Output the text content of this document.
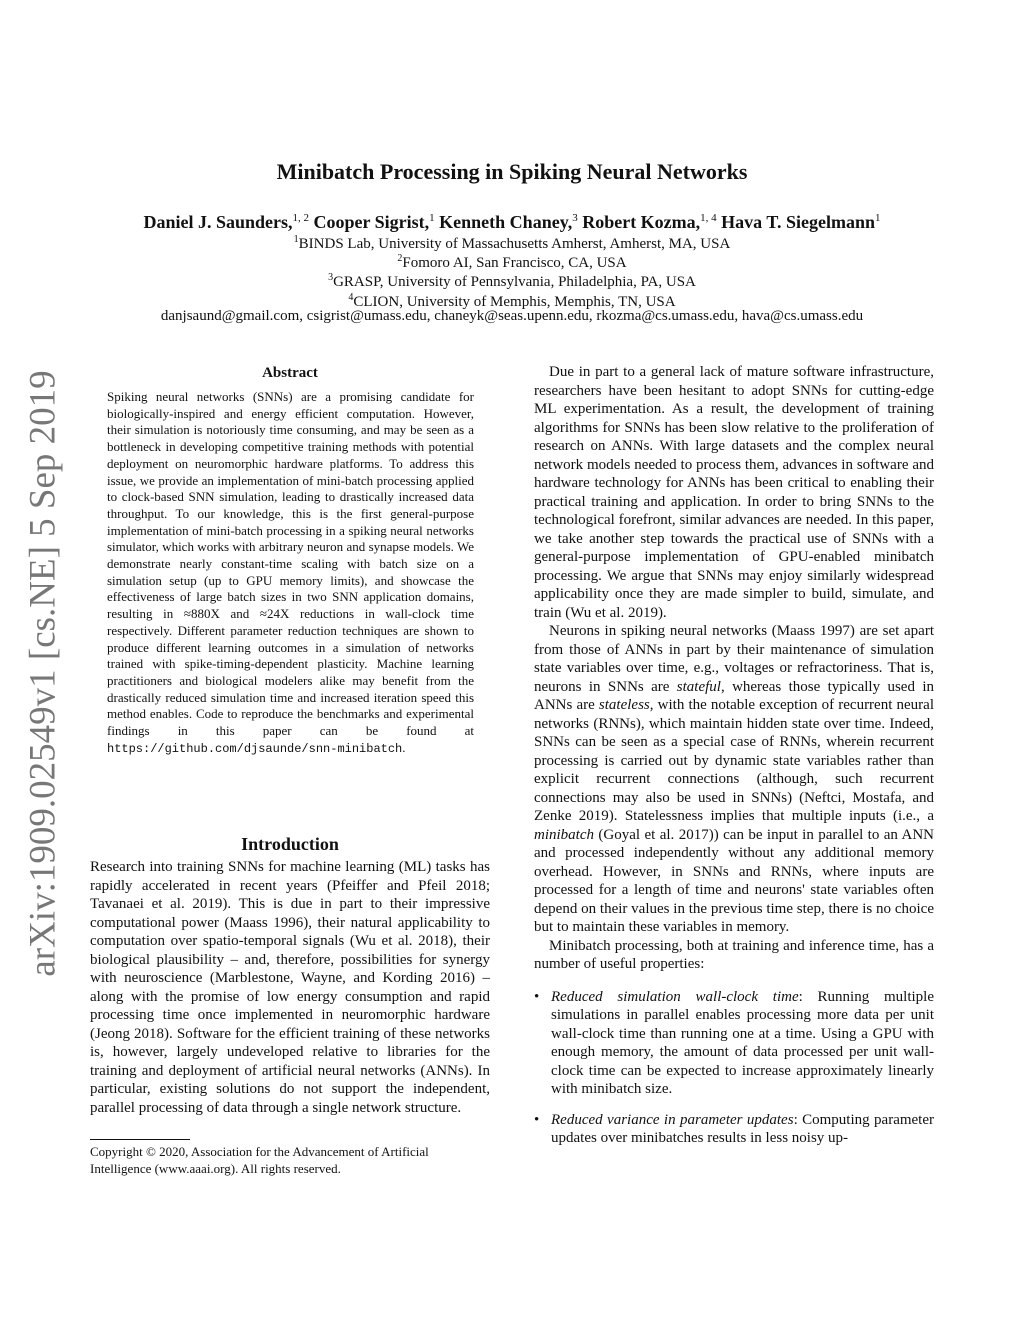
arXiv:1909.02549v1 [cs.NE] 5 Sep 2019
Minibatch Processing in Spiking Neural Networks
Daniel J. Saunders,$^{1, 2}$ Cooper Sigrist,$^1$ Kenneth Chaney,$^3$ Robert Kozma,$^{1, 4}$ Hava T. Siegelmann$^1$
$^1$BINDS Lab, University of Massachusetts Amherst, Amherst, MA, USA
$^2$Fomoro AI, San Francisco, CA, USA
$^3$GRASP, University of Pennsylvania, Philadelphia, PA, USA
$^4$CLION, University of Memphis, Memphis, TN, USA
danjsaund@gmail.com, csigrist@umass.edu, chaneyk@seas.upenn.edu, rkozma@cs.umass.edu, hava@cs.umass.edu
Abstract
Spiking neural networks (SNNs) are a promising candidate for biologically-inspired and energy efficient computation. However, their simulation is notoriously time consuming, and may be seen as a bottleneck in developing competitive training methods with potential deployment on neuromorphic hardware platforms. To address this issue, we provide an implementation of mini-batch processing applied to clock-based SNN simulation, leading to drastically increased data throughput. To our knowledge, this is the first general-purpose implementation of mini-batch processing in a spiking neural networks simulator, which works with arbitrary neuron and synapse models. We demonstrate nearly constant-time scaling with batch size on a simulation setup (up to GPU memory limits), and showcase the effectiveness of large batch sizes in two SNN application domains, resulting in ≈880X and ≈24X reductions in wall-clock time respectively. Different parameter reduction techniques are shown to produce different learning outcomes in a simulation of networks trained with spike-timing-dependent plasticity. Machine learning practitioners and biological modelers alike may benefit from the drastically reduced simulation time and increased iteration speed this method enables. Code to reproduce the benchmarks and experimental findings in this paper can be found at https://github.com/djsaunde/snn-minibatch.
Introduction
Research into training SNNs for machine learning (ML) tasks has rapidly accelerated in recent years (Pfeiffer and Pfeil 2018; Tavanaei et al. 2019). This is due in part to their impressive computational power (Maass 1996), their natural applicability to computation over spatio-temporal signals (Wu et al. 2018), their biological plausibility – and, therefore, possibilities for synergy with neuroscience (Marblestone, Wayne, and Kording 2016) – along with the promise of low energy consumption and rapid processing time once implemented in neuromorphic hardware (Jeong 2018). Software for the efficient training of these networks is, however, largely undeveloped relative to libraries for the training and deployment of artificial neural networks (ANNs). In particular, existing solutions do not support the independent, parallel processing of data through a single network structure.
Copyright © 2020, Association for the Advancement of Artificial Intelligence (www.aaai.org). All rights reserved.

Due in part to a general lack of mature software infrastructure, researchers have been hesitant to adopt SNNs for cutting-edge ML experimentation. As a result, the development of training algorithms for SNNs has been slow relative to the proliferation of research on ANNs. With large datasets and the complex neural network models needed to process them, advances in software and hardware technology for ANNs has been critical to enabling their practical training and application. In order to bring SNNs to the technological forefront, similar advances are needed. In this paper, we take another step towards the practical use of SNNs with a general-purpose implementation of GPU-enabled minibatch processing. We argue that SNNs may enjoy similarly widespread applicability once they are made simpler to build, simulate, and train (Wu et al. 2019).

Neurons in spiking neural networks (Maass 1997) are set apart from those of ANNs in part by their maintenance of simulation state variables over time, e.g., voltages or refractoriness. That is, neurons in SNNs are stateful, whereas those typically used in ANNs are stateless, with the notable exception of recurrent neural networks (RNNs), which maintain hidden state over time. Indeed, SNNs can be seen as a special case of RNNs, wherein recurrent processing is carried out by dynamic state variables rather than explicit recurrent connections (although, such recurrent connections may also be used in SNNs) (Neftci, Mostafa, and Zenke 2019). Statelessness implies that multiple inputs (i.e., a minibatch (Goyal et al. 2017)) can be input in parallel to an ANN and processed independently without any additional memory overhead. However, in SNNs and RNNs, where inputs are processed for a length of time and neurons' state variables often depend on their values in the previous time step, there is no choice but to maintain these variables in memory.

Minibatch processing, both at training and inference time, has a number of useful properties:

• Reduced simulation wall-clock time: Running multiple simulations in parallel enables processing more data per unit wall-clock time than running one at a time. Using a GPU with enough memory, the amount of data processed per unit wall-clock time can be expected to increase approximately linearly with minibatch size.
• Reduced variance in parameter updates: Computing parameter updates over minibatches results in less noisy up-
